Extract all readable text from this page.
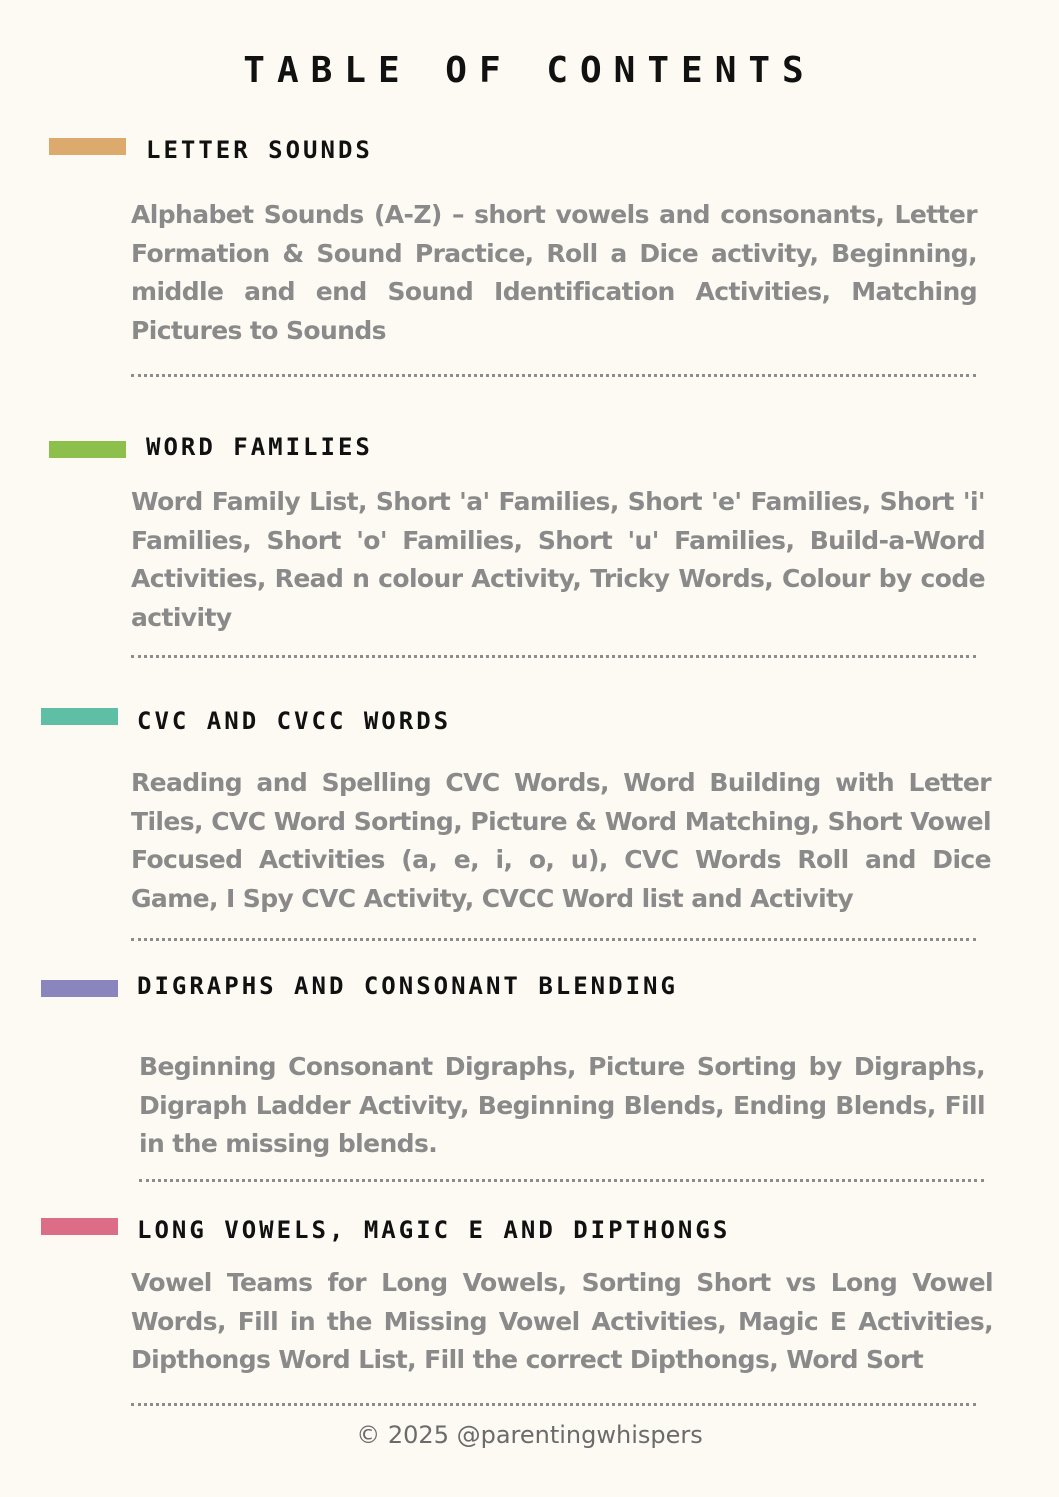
TABLE OF CONTENTS
LETTER SOUNDS
Alphabet Sounds (A-Z) – short vowels and consonants, Letter Formation & Sound Practice, Roll a Dice activity, Beginning, middle and end Sound Identification Activities, Matching Pictures to Sounds
WORD FAMILIES
Word Family List, Short 'a' Families, Short 'e' Families, Short 'i' Families, Short 'o' Families, Short 'u' Families, Build-a-Word Activities, Read n colour Activity, Tricky Words, Colour by code activity
CVC AND CVCC WORDS
Reading and Spelling CVC Words, Word Building with Letter Tiles, CVC Word Sorting, Picture & Word Matching, Short Vowel Focused Activities (a, e, i, o, u), CVC Words Roll and Dice Game, I Spy CVC Activity, CVCC Word list and Activity
DIGRAPHS AND CONSONANT BLENDING
Beginning Consonant Digraphs, Picture Sorting by Digraphs, Digraph Ladder Activity, Beginning Blends, Ending Blends, Fill in the missing blends.
LONG VOWELS, MAGIC E AND DIPTHONGS
Vowel Teams for Long Vowels, Sorting Short vs Long Vowel Words, Fill in the Missing Vowel Activities, Magic E Activities, Dipthongs Word List, Fill the correct Dipthongs, Word Sort
© 2025 @parentingwhispers
